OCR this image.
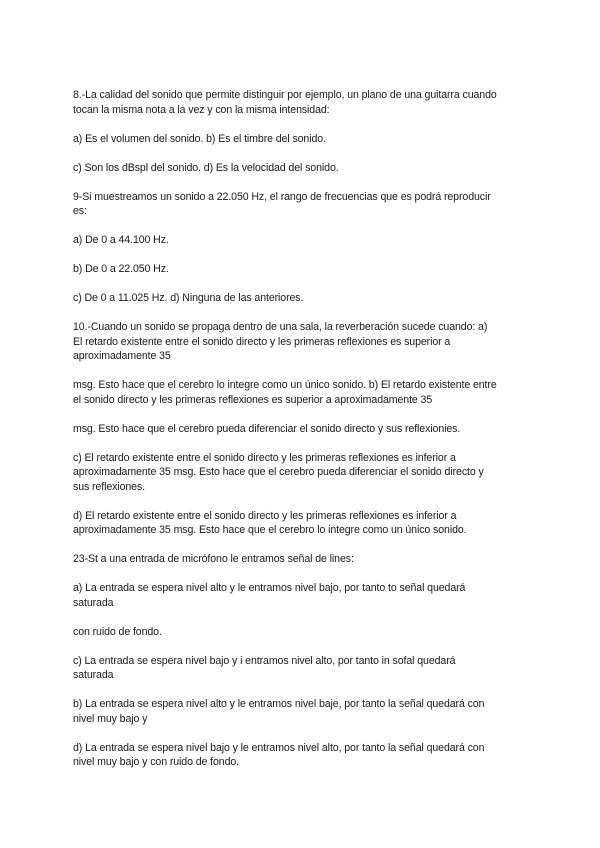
8.-La calidad del sonido que permite distinguir por ejemplo, un plano de una guitarra cuando
tocan la misma nota a la vez y con la misma intensidad:

a) Es el volumen del sonido. b) Es el timbre del sonido.

c) Son los dBspl del sonido. d) Es la velocidad del sonido.

9-Si muestreamos un sonido a 22.050 Hz, el rango de frecuencias que es podrá reproducir
es:

a) De 0 a 44.100 Hz.

b) De 0 a 22.050 Hz.

c) De 0 a 11.025 Hz. d) Ninguna de las anteriores.

10.-Cuando un sonido se propaga dentro de una sala, la reverberación sucede cuando: a)
El retardo existente entre el sonido directo y les primeras reflexiones es superior a
aproximadamente 35

msg. Esto hace que el cerebro lo integre como un único sonido. b) El retardo existente entre
el sonido directo y les primeras reflexiones es superior a aproximadamente 35

msg. Esto hace que el cerebro pueda diferenciar el sonido directo y sus reflexionies.

c) El retardo existente entre el sonido directo y les primeras reflexiones es inferior a
aproximadamente 35 msg. Esto hace que el cerebro pueda diferenciar el sonido directo y
sus reflexiones.

d) El retardo existente entre el sonido directo y les primeras reflexiones es inferior a
aproximadamente 35 msg. Esto hace que el cerebro lo integre como un único sonido.

23-St a una entrada de micrófono le entramos señal de lines:

a) La entrada se espera nivel alto y le entramos nivel bajo, por tanto to señal quedará
saturada

con ruido de fondo.

c) La entrada se espera nivel bajo y i entramos nivel alto, por tanto in sofal quedará
saturada

b) La entrada se espera nivel alto y le entramos nivel baje, por tanto la señal quedará con
nivel muy bajo y

d) La entrada se espera nivel bajo y le entramos nivel alto, por tanto la señal quedará con
nivel muy bajo y con ruido de fondo.
